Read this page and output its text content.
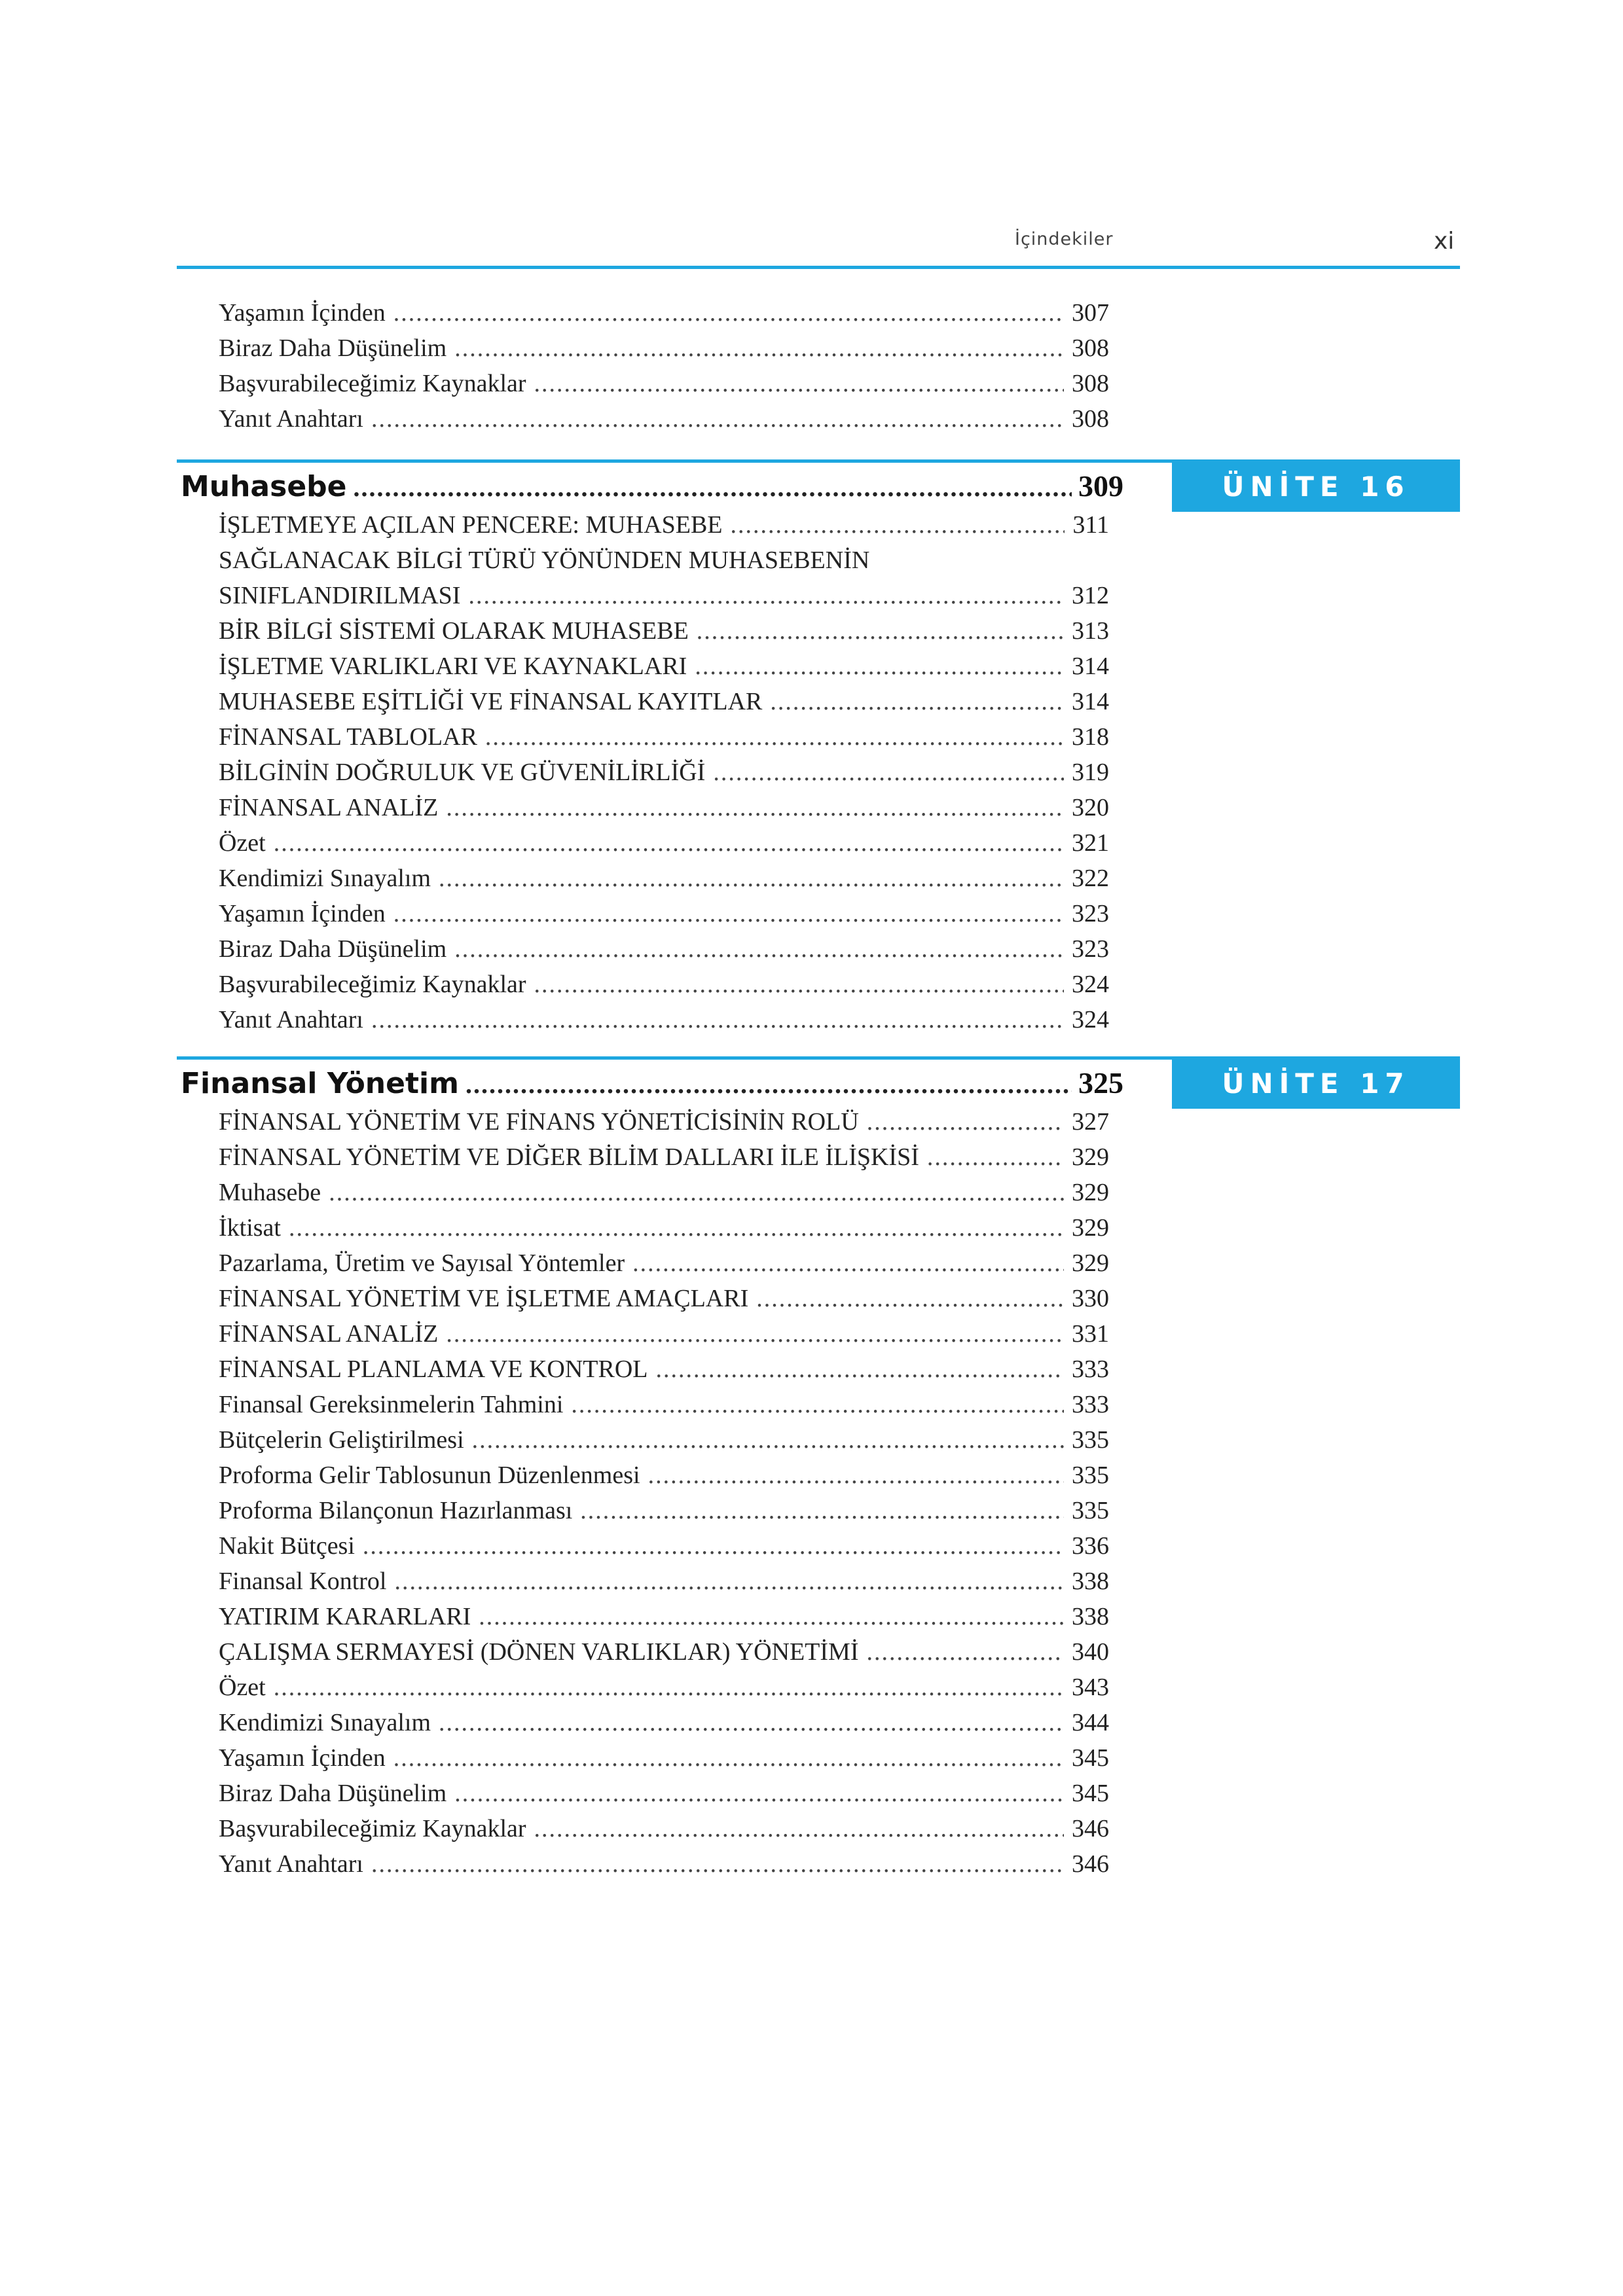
İçindekiler	xi
Yaşamın İçinden .....	307
Biraz Daha Düşünelim .....	308
Başvurabileceğimiz Kaynaklar .....	308
Yanıt Anahtarı .....	308
Muhasebe .....	309	ÜNİTE 16
İŞLETMEYE AÇILAN PENCERE: MUHASEBE .....	311
SAĞLANACAK BİLGİ TÜRÜ YÖNÜNDEN MUHASEBENİN
SINIFLANDIRILMASI .....	312
BİR BİLGİ SİSTEMİ OLARAK MUHASEBE .....	313
İŞLETME VARLIKLARI VE KAYNAKLARI .....	314
MUHASEBE EŞİTLİĞİ VE FİNANSAL KAYITLAR .....	314
FİNANSAL TABLOLAR .....	318
BİLGİNİN DOĞRULUK VE GÜVENİLİRLİĞİ .....	319
FİNANSAL ANALİZ .....	320
Özet .....	321
Kendimizi Sınayalım .....	322
Yaşamın İçinden .....	323
Biraz Daha Düşünelim .....	323
Başvurabileceğimiz Kaynaklar .....	324
Yanıt Anahtarı .....	324
Finansal Yönetim .....	325	ÜNİTE 17
FİNANSAL YÖNETİM VE FİNANS YÖNETİCİSİNİN ROLÜ .....	327
FİNANSAL YÖNETİM VE DİĞER BİLİM DALLARI İLE İLİŞKİSİ .....	329
Muhasebe .....	329
İktisat .....	329
Pazarlama, Üretim ve Sayısal Yöntemler .....	329
FİNANSAL YÖNETİM VE İŞLETME AMAÇLARI .....	330
FİNANSAL ANALİZ .....	331
FİNANSAL PLANLAMA VE KONTROL .....	333
Finansal Gereksinmelerin Tahmini .....	333
Bütçelerin Geliştirilmesi .....	335
Proforma Gelir Tablosunun Düzenlenmesi .....	335
Proforma Bilançonun Hazırlanması .....	335
Nakit Bütçesi .....	336
Finansal Kontrol .....	338
YATIRIM KARARLARI .....	338
ÇALIŞMA SERMAYESİ (DÖNEN VARLIKLAR) YÖNETİMİ .....	340
Özet .....	343
Kendimizi Sınayalım .....	344
Yaşamın İçinden .....	345
Biraz Daha Düşünelim .....	345
Başvurabileceğimiz Kaynaklar .....	346
Yanıt Anahtarı .....	346
